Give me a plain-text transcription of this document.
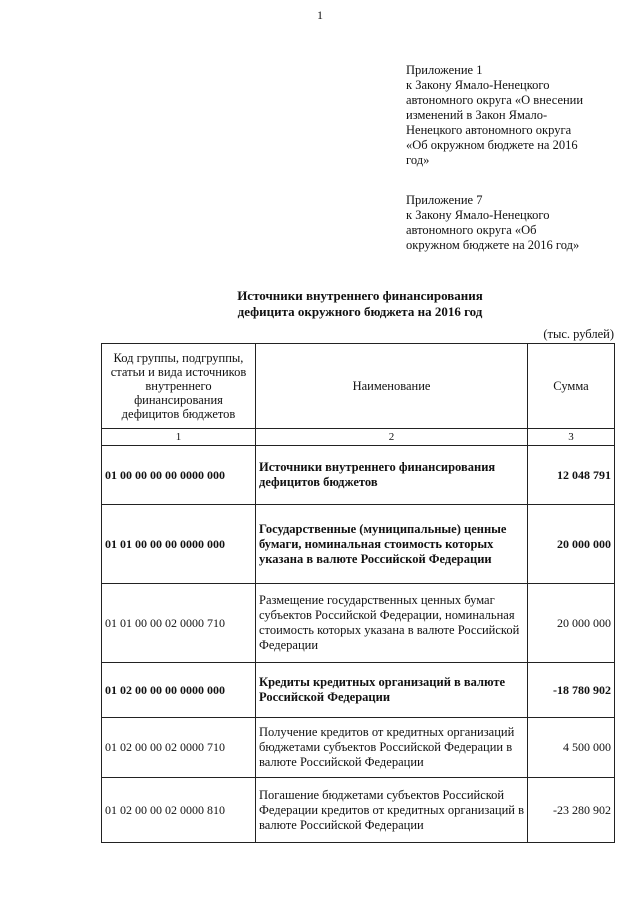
1
Приложение 1
к Закону Ямало-Ненецкого
автономного округа «О внесении
изменений в Закон Ямало-
Ненецкого автономного округа
«Об окружном бюджете на 2016
год»
Приложение 7
к Закону Ямало-Ненецкого
автономного округа «Об
окружном бюджете на 2016 год»
Источники внутреннего финансирования
дефицита окружного бюджета на 2016 год
(тыс. рублей)
Код группы, подгруппы, статьи и вида источников внутреннего финансирования дефицитов бюджетов	Наименование	Сумма
1	2	3
01 00 00 00 00 0000 000	Источники внутреннего финансирования дефицитов бюджетов	12 048 791
01 01 00 00 00 0000 000	Государственные (муниципальные) ценные бумаги, номинальная стоимость которых указана в валюте Российской Федерации	20 000 000
01 01 00 00 02 0000 710	Размещение государственных ценных бумаг субъектов Российской Федерации, номинальная стоимость которых указана в валюте Российской Федерации	20 000 000
01 02 00 00 00 0000 000	Кредиты кредитных организаций в валюте Российской Федерации	-18 780 902
01 02 00 00 02 0000 710	Получение кредитов от кредитных организаций бюджетами субъектов Российской Федерации в валюте Российской Федерации	4 500 000
01 02 00 00 02 0000 810	Погашение бюджетами субъектов Российской Федерации кредитов от кредитных организаций в валюте Российской Федерации	-23 280 902
